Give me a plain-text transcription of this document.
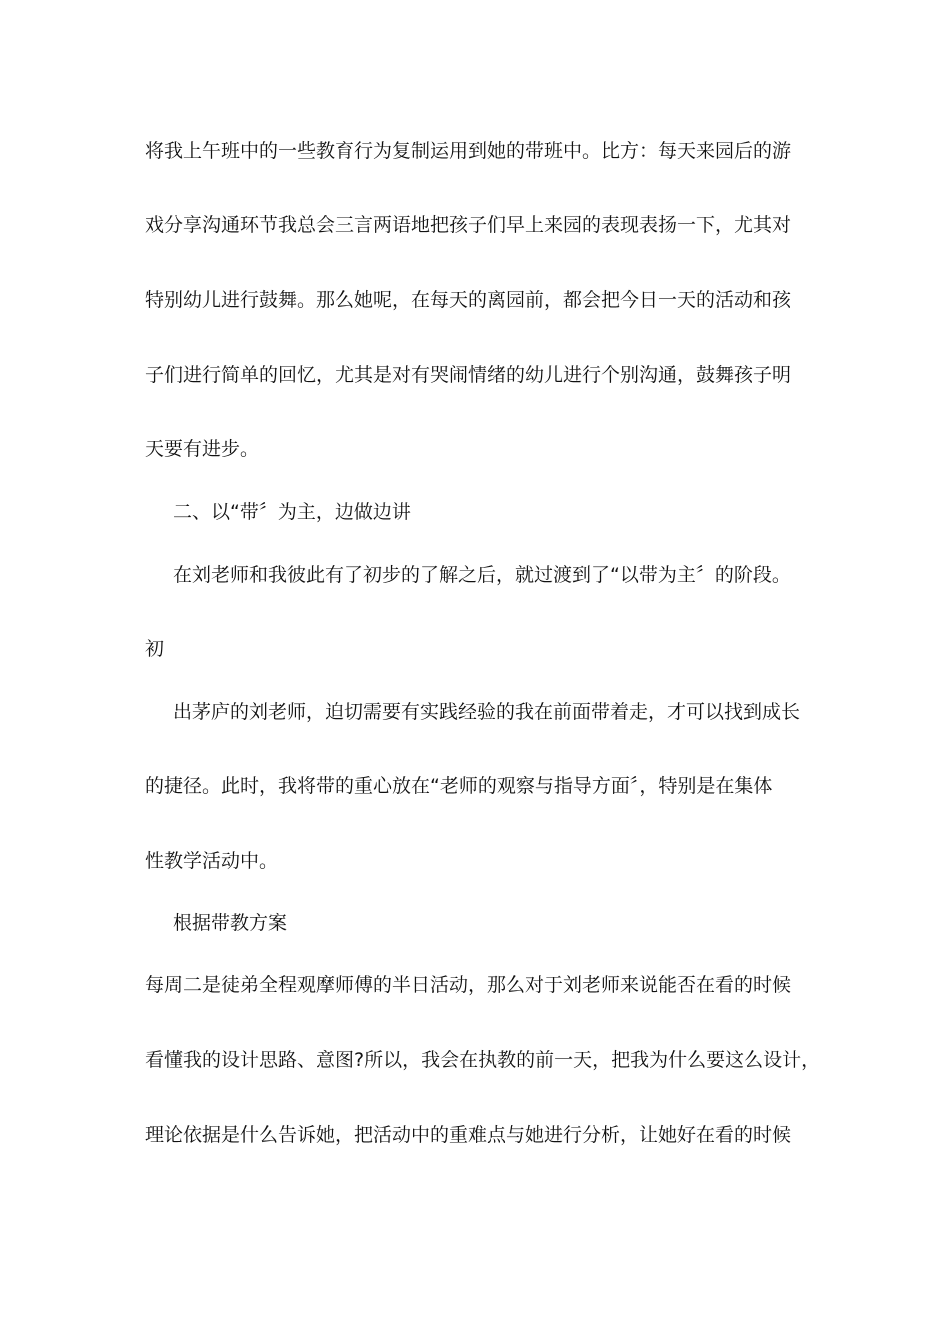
将我上午班中的一些教育行为复制运用到她的带班中。比方：每天来园后的游
戏分享沟通环节我总会三言两语地把孩子们早上来园的表现表扬一下，尤其对
特别幼儿进行鼓舞。那么她呢，在每天的离园前，都会把今日一天的活动和孩
子们进行简单的回忆，尤其是对有哭闹情绪的幼儿进行个别沟通，鼓舞孩子明
天要有进步。
二、以“带〞为主，边做边讲
在刘老师和我彼此有了初步的了解之后，就过渡到了“以带为主〞的阶段。
初
出茅庐的刘老师，迫切需要有实践经验的我在前面带着走，才可以找到成长
的捷径。此时，我将带的重心放在“老师的观察与指导方面〞，特别是在集体
性教学活动中。
根据带教方案
每周二是徒弟全程观摩师傅的半日活动，那么对于刘老师来说能否在看的时候
看懂我的设计思路、意图?所以，我会在执教的前一天，把我为什么要这么设计，
理论依据是什么告诉她，把活动中的重难点与她进行分析，让她好在看的时候
